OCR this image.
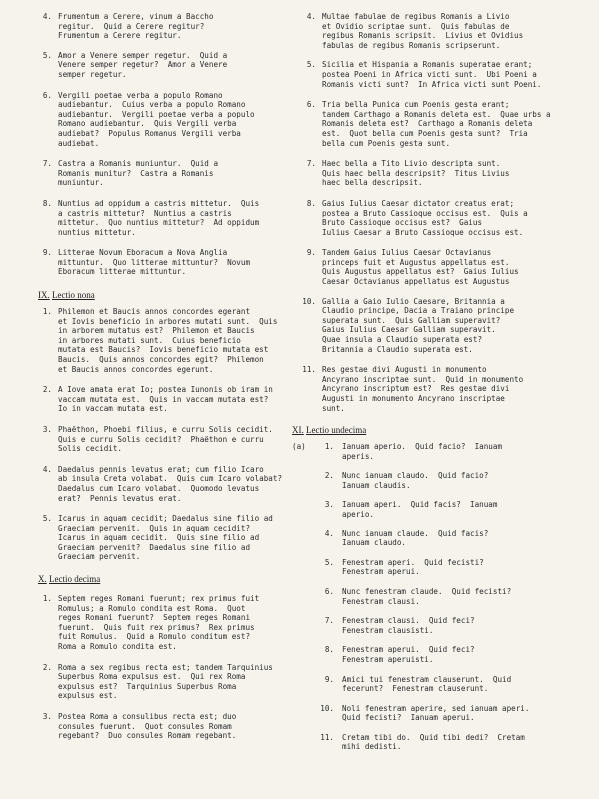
4. Frumentum a Cerere, vinum a Baccho
regitur.  Quid a Cerere regitur?
Frumentum a Cerere regitur.
5. Amor a Venere semper regetur.  Quid a
Venere semper regetur?  Amor a Venere
semper regetur.
6. Vergili poetae verba a populo Romano
audiebantur.  Cuius verba a populo Romano
audiebantur.  Vergili poetae verba a populo
Romano audiebantur.  Quis Vergili verba
audiebat?  Populus Romanus Vergili verba
audiebat.
7. Castra a Romanis muniuntur.  Quid a
Romanis munitur?  Castra a Romanis
muniuntur.
8. Nuntius ad oppidum a castris mittetur.  Quis
a castris mittetur?  Nuntius a castris
mittetur.  Quo nuntius mittetur?  Ad oppidum
nuntius mittetur.
9. Litterae Novum Eboracum a Nova Anglia
mittuntur.  Quo litterae mittuntur?  Novum
Eboracum litterae mittuntur.
IX. Lectio nona
1. Philemon et Baucis annos concordes egerant
et Iovis beneficio in arbores mutati sunt.  Quis
in arborem mutatus est?  Philemon et Baucis
in arbores mutati sunt.  Cuius beneficio
mutata est Baucis?  Iovis beneficio mutata est
Baucis.  Quis annos concordes egit?  Philemon
et Baucis annos concordes egerunt.
2. A Iove amata erat Io; postea Iunonis ob iram in
vaccam mutata est.  Quis in vaccam mutata est?
Io in vaccam mutata est.
3. Phaëthon, Phoebi filius, e curru Solis cecidit.
Quis e curru Solis cecidit?  Phaëthon e curru
Solis cecidit.
4. Daedalus pennis levatus erat; cum filio Icaro
ab insula Creta volabat.  Quis cum Icaro volabat?
Daedalus cum Icaro volabat.  Quomodo levatus
erat?  Pennis levatus erat.
5. Icarus in aquam cecidit; Daedalus sine filio ad
Graeciam pervenit.  Quis in aquam cecidit?
Icarus in aquam cecidit.  Quis sine filio ad
Graeciam pervenit?  Daedalus sine filio ad
Graeciam pervenit.
X. Lectio decima
1. Septem reges Romani fuerunt; rex primus fuit
Romulus; a Romulo condita est Roma.  Quot
reges Romani fuerunt?  Septem reges Romani
fuerunt.  Quis fuit rex primus?  Rex primus
fuit Romulus.  Quid a Romulo conditum est?
Roma a Romulo condita est.
2. Roma a sex regibus recta est; tandem Tarquinius
Superbus Roma expulsus est.  Qui rex Roma
expulsus est?  Tarquinius Superbus Roma
expulsus est.
3. Postea Roma a consulibus recta est; duo
consules fuerunt.  Quot consules Romam
regebant?  Duo consules Romam regebant.
4. Multae fabulae de regibus Romanis a Livio
et Ovidio scriptae sunt.  Quis fabulas de
regibus Romanis scripsit.  Livius et Ovidius
fabulas de regibus Romanis scripserunt.
5. Sicilia et Hispania a Romanis superatae erant;
postea Poeni in Africa victi sunt.  Ubi Poeni a
Romanis victi sunt?  In Africa victi sunt Poeni.
6. Tria bella Punica cum Poenis gesta erant;
tandem Carthago a Romanis deleta est.  Quae urbs a
Romanis deleta est?  Carthago a Romanis deleta
est.  Quot bella cum Poenis gesta sunt?  Tria
bella cum Poenis gesta sunt.
7. Haec bella a Tito Livio descripta sunt.
Quis haec bella descripsit?  Titus Livius
haec bella descripsit.
8. Gaius Iulius Caesar dictator creatus erat;
postea a Bruto Cassioque occisus est.  Quis a
Bruto Cassioque occisus est?  Gaius
Iulius Caesar a Bruto Cassioque occisus est.
9. Tandem Gaius Iulius Caesar Octavianus
princeps fuit et Augustus appellatus est.
Quis Augustus appellatus est?  Gaius Iulius
Caesar Octavianus appellatus est Augustus
10. Gallia a Gaio Iulio Caesare, Britannia a
Claudio principe, Dacia a Traiano principe
superata sunt.  Quis Galliam superavit?
Gaius Iulius Caesar Galliam superavit.
Quae insula a Claudio superata est?
Britannia a Claudio superata est.
11. Res gestae divi Augusti in monumento
Ancyrano inscriptae sunt.  Quid in monumento
Ancyrano inscriptum est?  Res gestae divi
Augusti in monumento Ancyrano inscriptae
sunt.
XI. Lectio undecima
(a)	1.	Ianuam aperio.  Quid facio?  Ianuam
aperis.
2.	Nunc ianuam claudo.  Quid facio?
Ianuam claudis.
3.	Ianuam aperi.  Quid facis?  Ianuam
aperio.
4.	Nunc ianuam claude.  Quid facis?
Ianuam claudo.
5.	Fenestram aperi.  Quid fecisti?
Fenestram aperui.
6.	Nunc fenestram claude.  Quid fecisti?
Fenestram clausi.
7.	Fenestram clausi.  Quid feci?
Fenestram clausisti.
8.	Fenestram aperui.  Quid feci?
Fenestram aperuisti.
9.	Amici tui fenestram clauserunt.  Quid
fecerunt?  Fenestram clauserunt.
10.	Noli fenestram aperire, sed ianuam aperi.
Quid fecisti?  Ianuam aperui.
11.	Cretam tibi do.  Quid tibi dedi?  Cretam
mihi dedisti.
